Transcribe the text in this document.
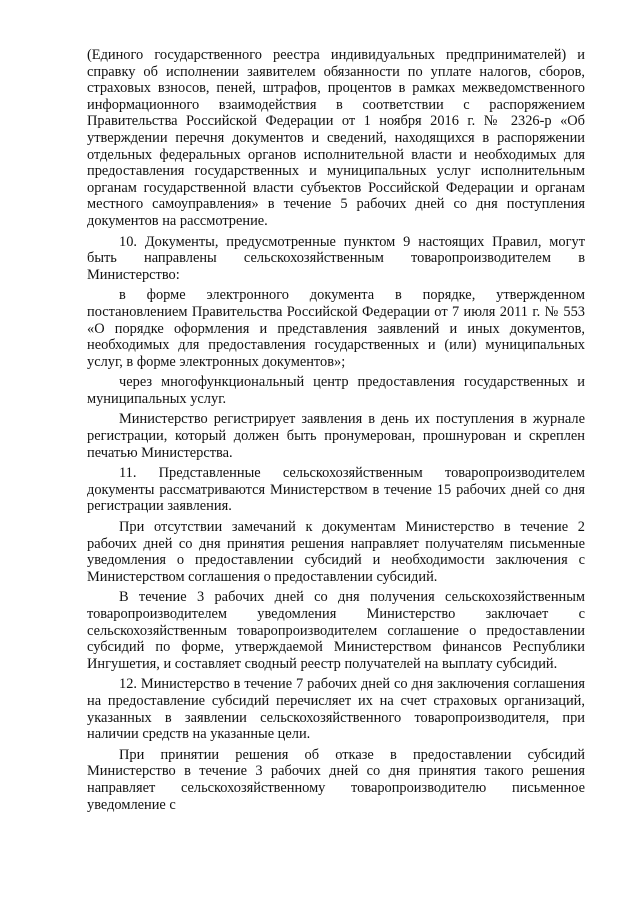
(Единого государственного реестра индивидуальных предпринимателей) и справку об исполнении заявителем обязанности по уплате налогов, сборов, страховых взносов, пеней, штрафов, процентов в рамках межведомственного информационного взаимодействия в соответствии с распоряжением Правительства Российской Федерации от 1 ноября 2016 г. № 2326-р «Об утверждении перечня документов и сведений, находящихся в распоряжении отдельных федеральных органов исполнительной власти и необходимых для предоставления государственных и муниципальных услуг исполнительным органам государственной власти субъектов Российской Федерации и органам местного самоуправления» в течение 5 рабочих дней со дня поступления документов на рассмотрение.

10. Документы, предусмотренные пунктом 9 настоящих Правил, могут быть направлены сельскохозяйственным товаропроизводителем в Министерство:

в форме электронного документа в порядке, утвержденном постановлением Правительства Российской Федерации от 7 июля 2011 г. № 553 «О порядке оформления и представления заявлений и иных документов, необходимых для предоставления государственных и (или) муниципальных услуг, в форме электронных документов»;

через многофункциональный центр предоставления государственных и муниципальных услуг.

Министерство регистрирует заявления в день их поступления в журнале регистрации, который должен быть пронумерован, прошнурован и скреплен печатью Министерства.

11. Представленные сельскохозяйственным товаропроизводителем документы рассматриваются Министерством в течение 15 рабочих дней со дня регистрации заявления.

При отсутствии замечаний к документам Министерство в течение 2 рабочих дней со дня принятия решения направляет получателям письменные уведомления о предоставлении субсидий и необходимости заключения с Министерством соглашения о предоставлении субсидий.

В течение 3 рабочих дней со дня получения сельскохозяйственным товаропроизводителем уведомления Министерство заключает с сельскохозяйственным товаропроизводителем соглашение о предоставлении субсидий по форме, утверждаемой Министерством финансов Республики Ингушетия, и составляет сводный реестр получателей на выплату субсидий.

12. Министерство в течение 7 рабочих дней со дня заключения соглашения на предоставление субсидий перечисляет их на счет страховых организаций, указанных в заявлении сельскохозяйственного товаропроизводителя, при наличии средств на указанные цели.

При принятии решения об отказе в предоставлении субсидий Министерство в течение 3 рабочих дней со дня принятия такого решения направляет сельскохозяйственному товаропроизводителю письменное уведомление с
